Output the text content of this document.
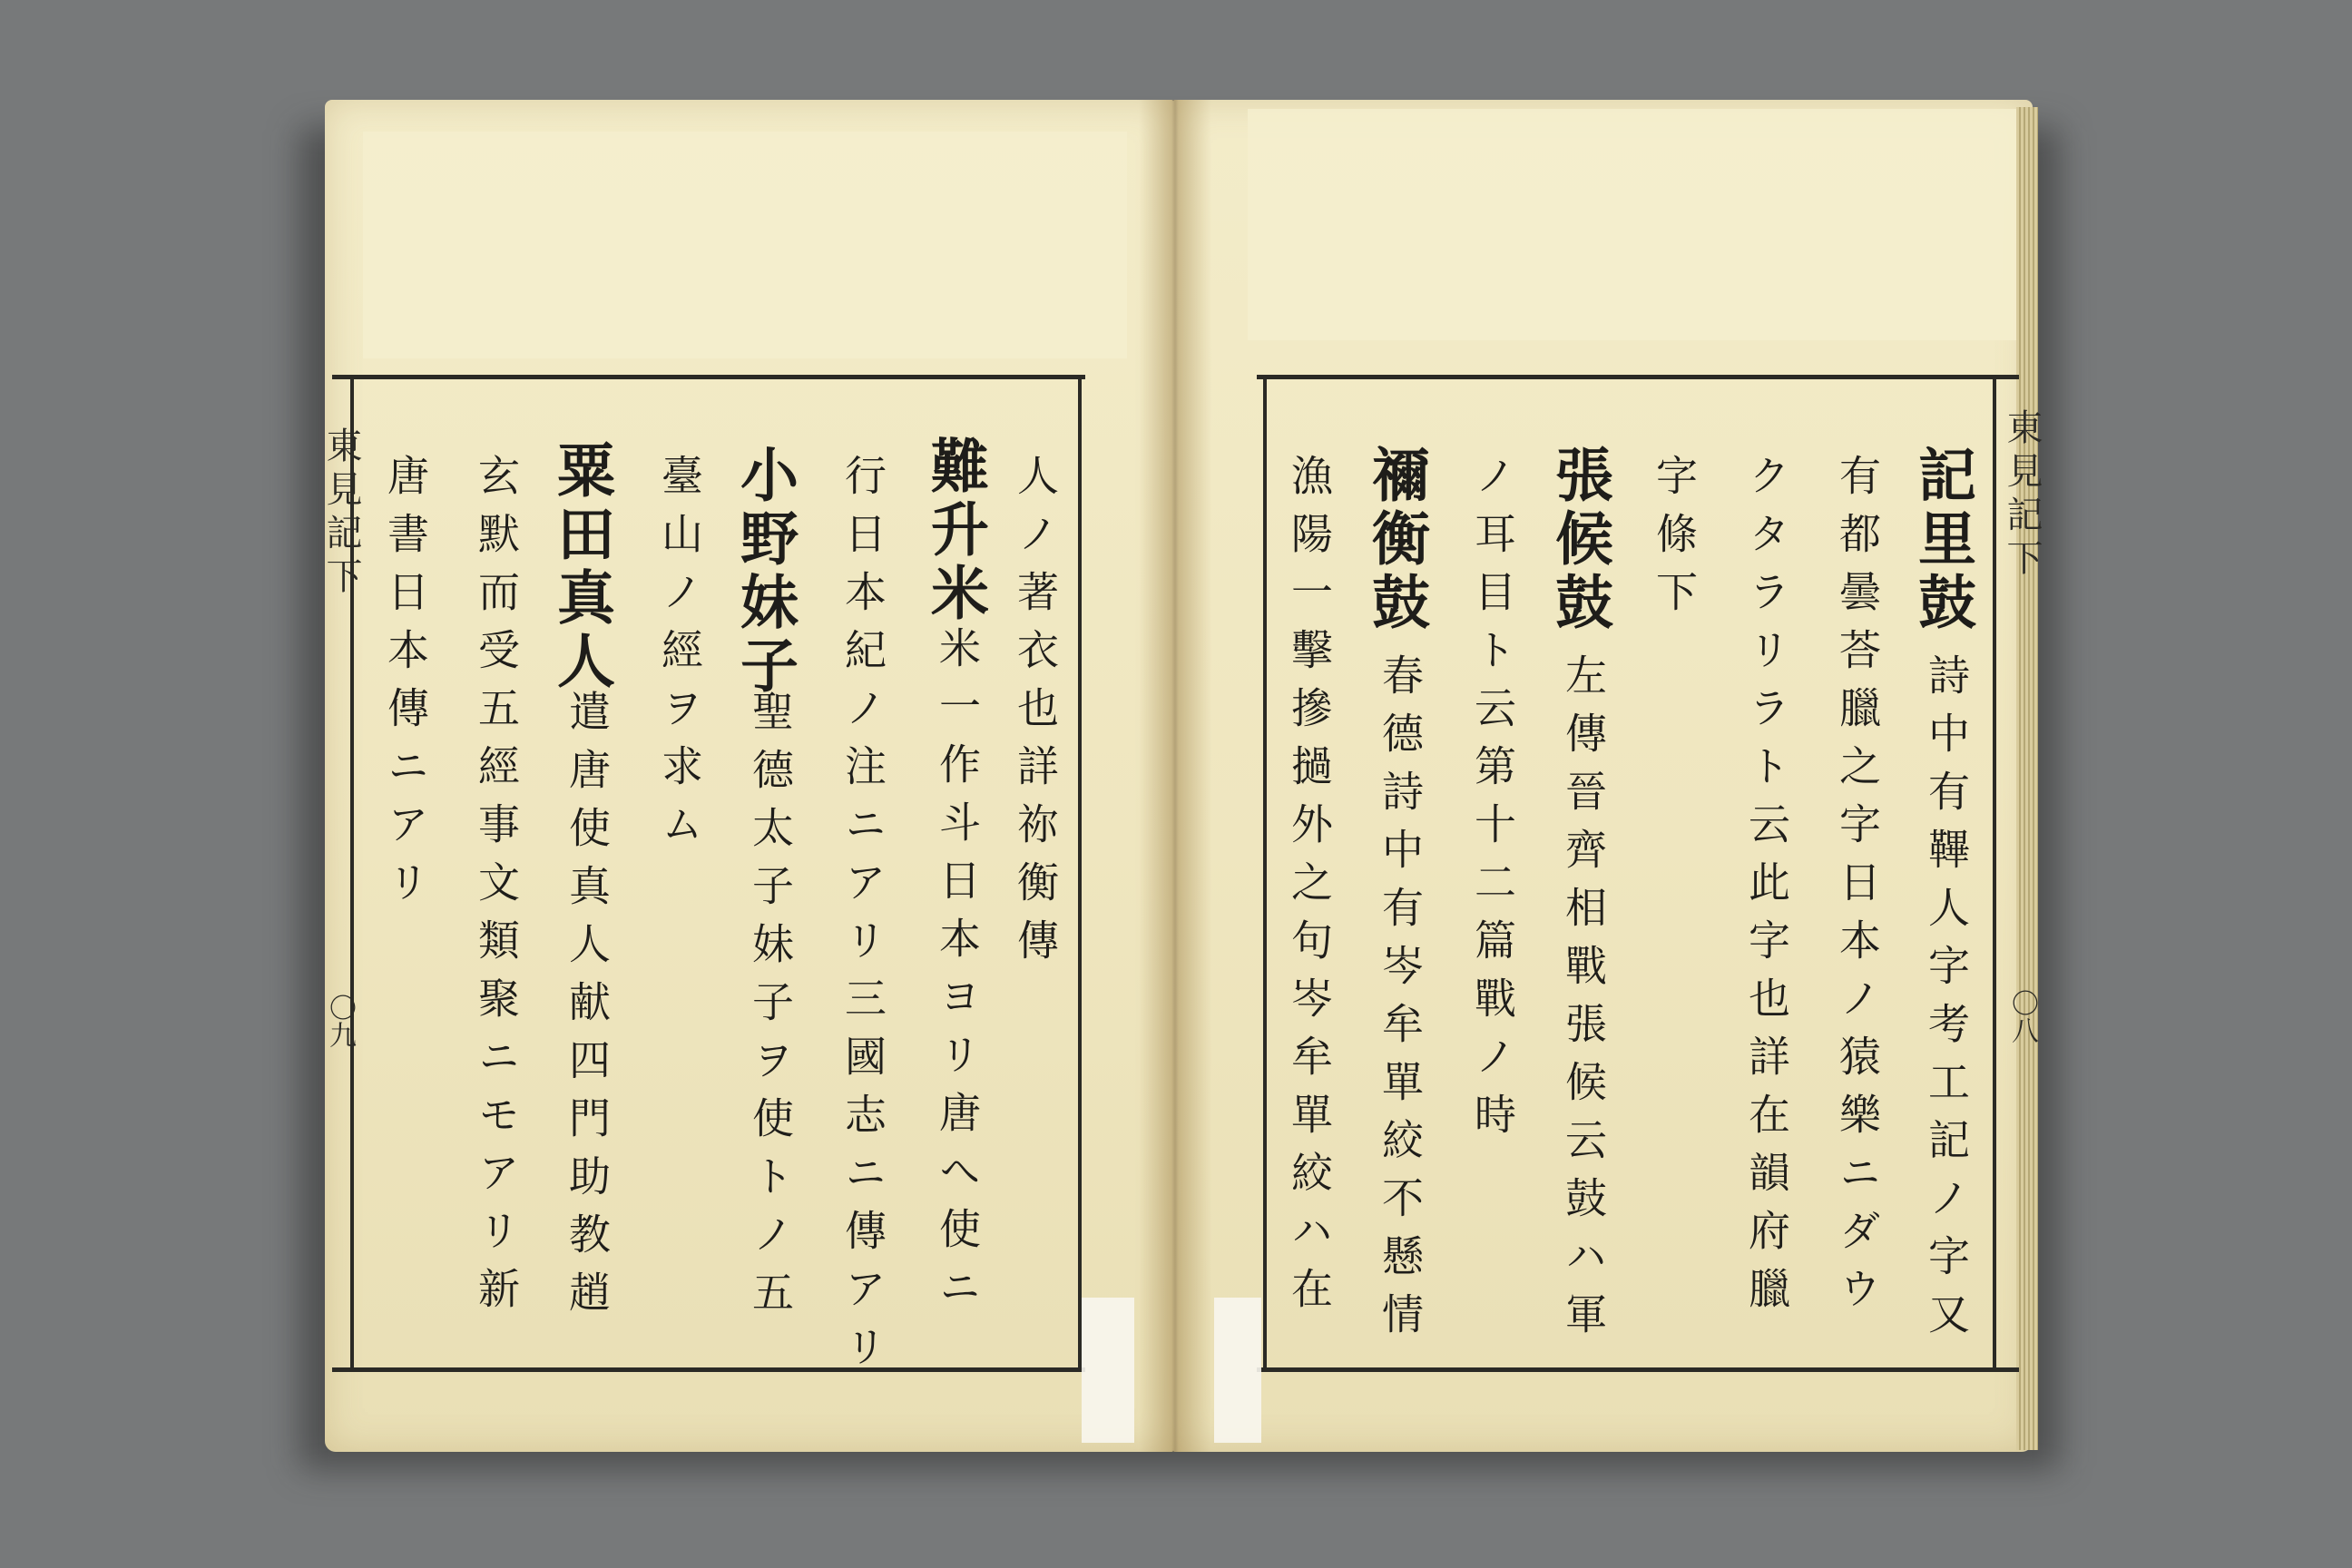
東見記下
〇九
人ノ著衣也詳祢衡傳
難升米
米一作斗日本ヨリ唐へ使ニ
行日本紀ノ注ニアリ三國志ニ傳アリ
小野妹子
聖德太子妹子ヲ使トノ五
臺山ノ經ヲ求ム
粟田真人
遣唐使真人献四門助教趙
玄默而受五經事文類聚ニモアリ新
唐書日本傳ニアリ	東見記下
〇八
記里鼓
詩中有鞸人字考工記ノ字又
有都曇荅臘之字日本ノ猿樂ニダウ
クタラリラト云此字也詳在韻府臘
字條下
張候鼓
左傳晉齊相戰張候云鼓ハ軍
ノ耳目ト云第十二篇戰ノ時
禰衡鼓
春德詩中有岑牟單絞不懸情
漁陽一擊摻撾外之句岑牟單絞ハ在
